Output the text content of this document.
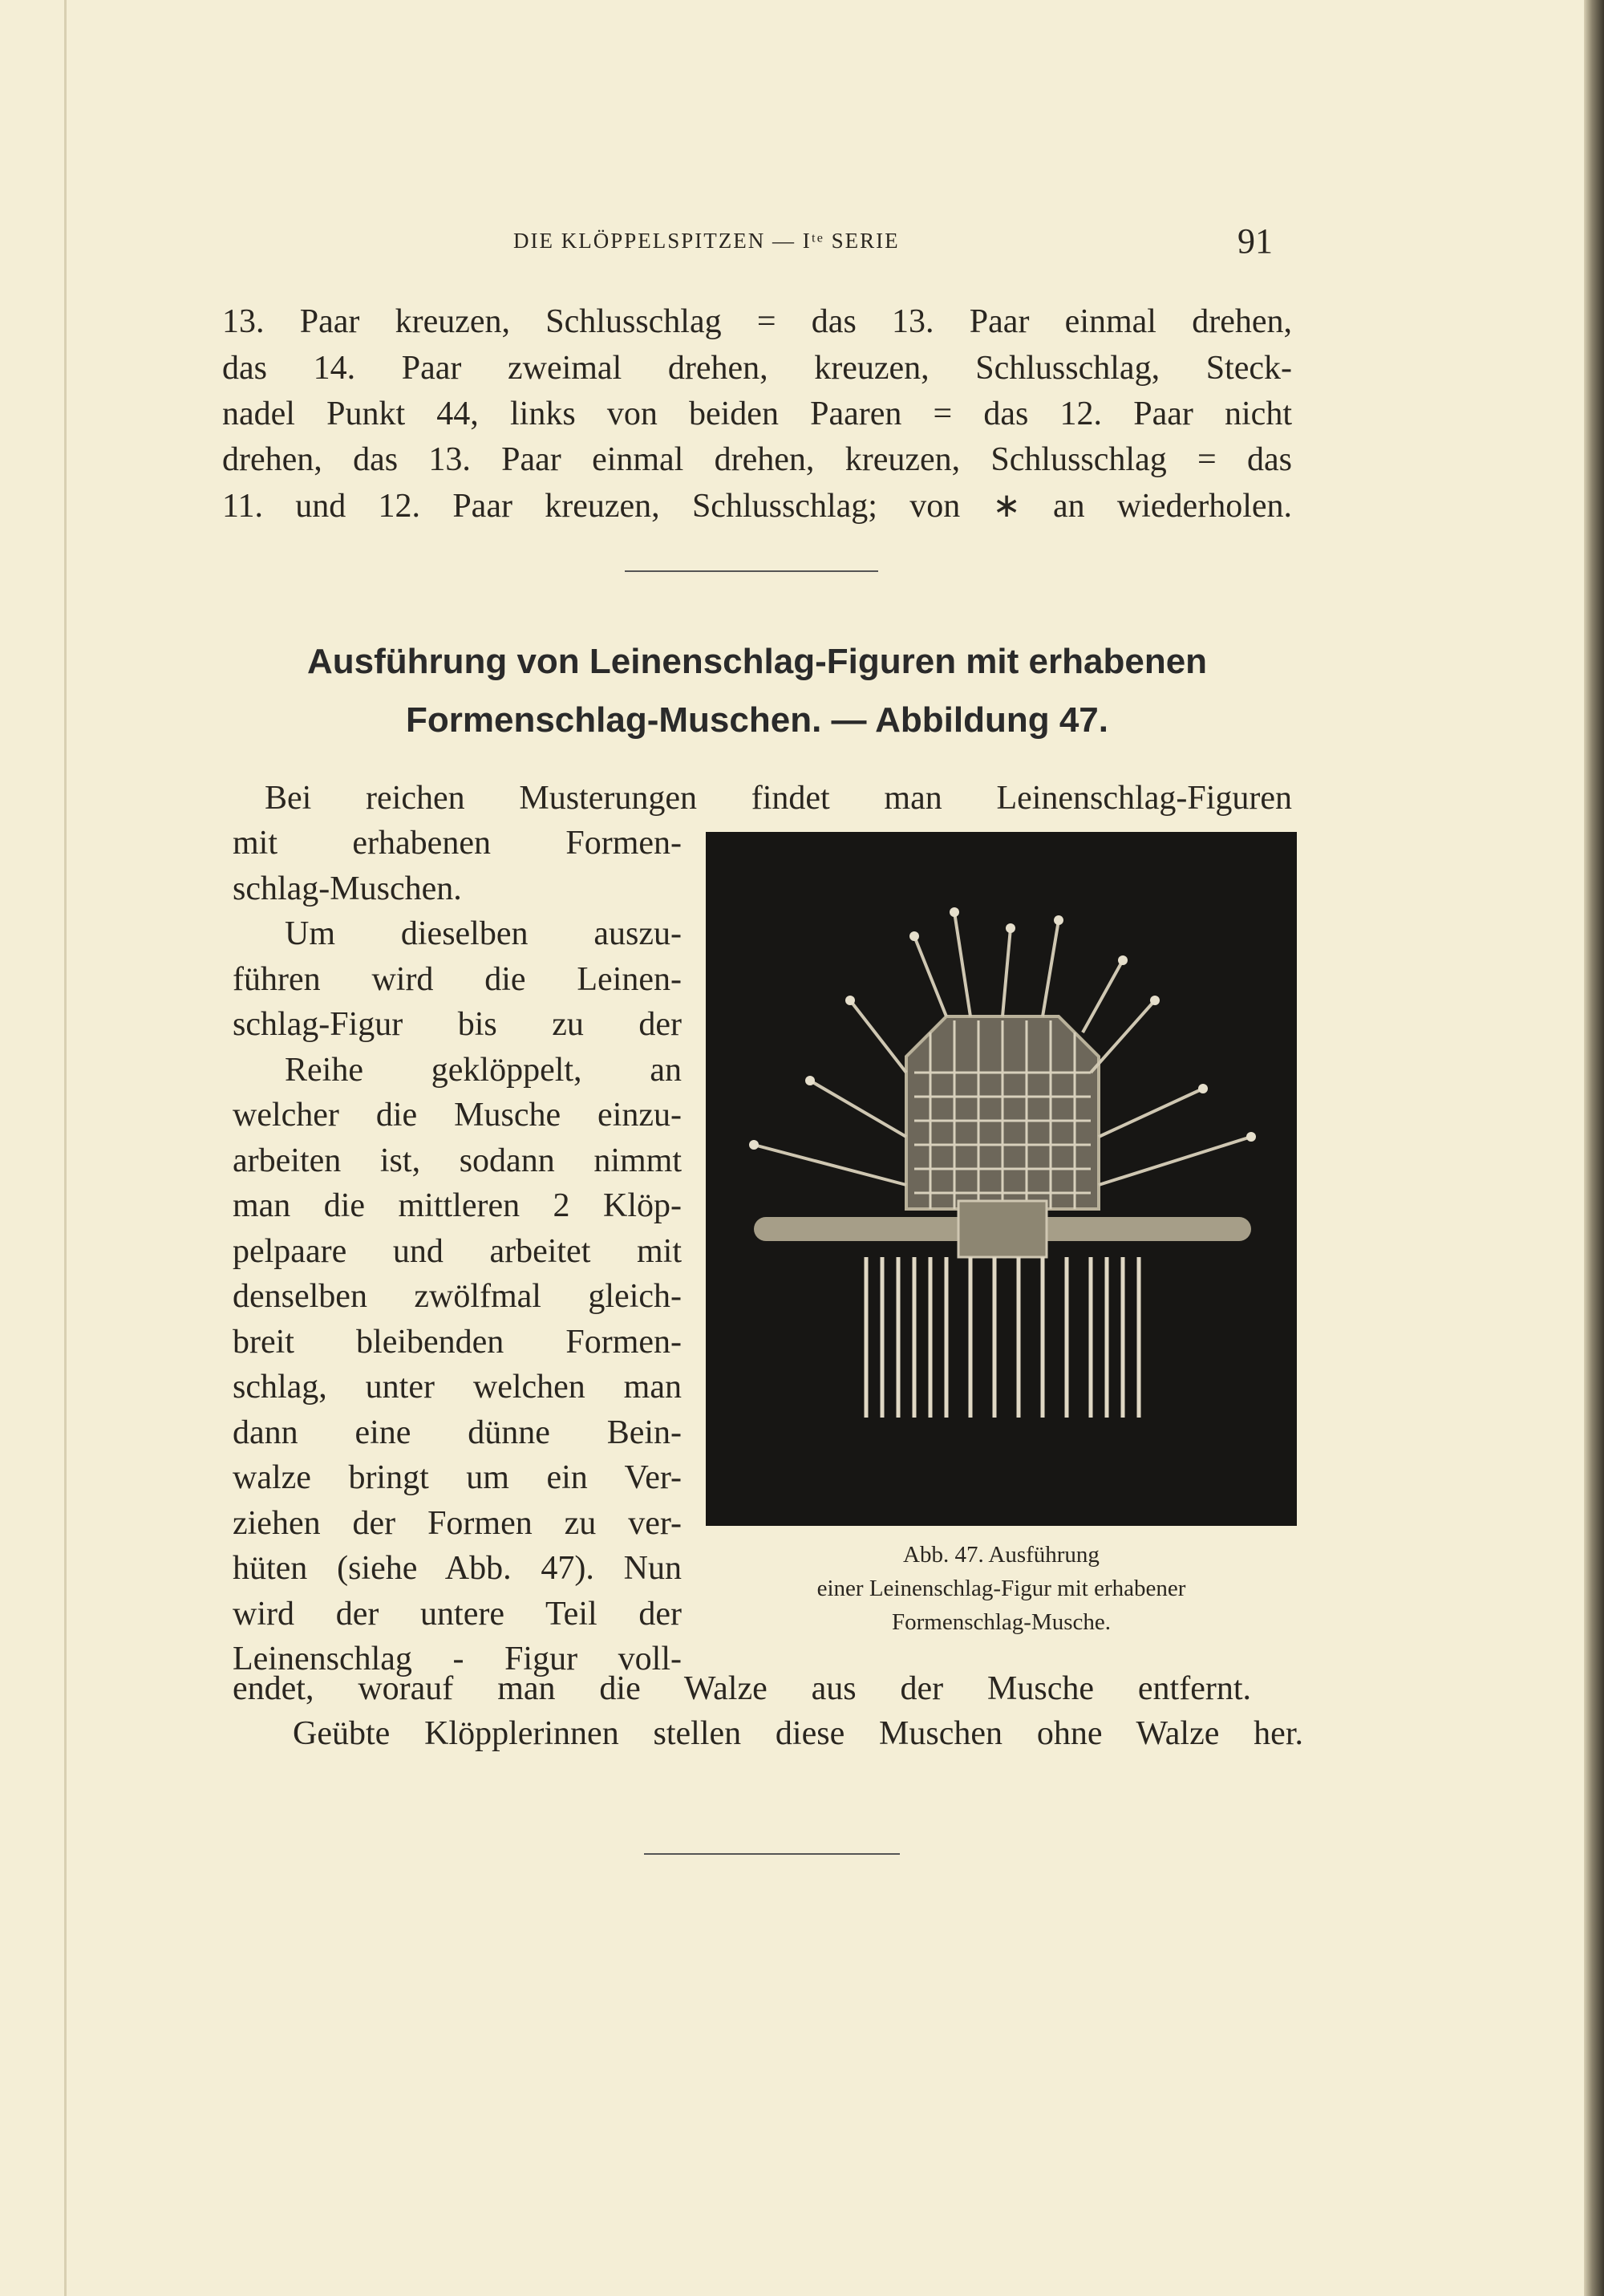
DIE KLÖPPELSPITZEN — Iᵗᵉ SERIE	91
13. Paar kreuzen, Schlusschlag = das 13. Paar einmal drehen,
das 14. Paar zweimal drehen, kreuzen, Schlusschlag, Steck-
nadel Punkt 44, links von beiden Paaren = das 12. Paar nicht
drehen, das 13. Paar einmal drehen, kreuzen, Schlusschlag = das
11. und 12. Paar kreuzen, Schlusschlag; von ∗ an wiederholen.
Ausführung von Leinenschlag-Figuren mit erhabenen
Formenschlag-Muschen. — Abbildung 47.
Bei reichen Musterungen findet man Leinenschlag-Figuren
mit erhabenen Formen-
schlag-Muschen.
Um dieselben auszu-
führen wird die Leinen-
schlag-Figur bis zu der
Reihe geklöppelt, an
welcher die Musche einzu-
arbeiten ist, sodann nimmt
man die mittleren 2 Klöp-
pelpaare und arbeitet mit
denselben zwölfmal gleich-
breit bleibenden Formen-
schlag, unter welchen man
dann eine dünne Bein-
walze bringt um ein Ver-
ziehen der Formen zu ver-
hüten (siehe Abb. 47). Nun
wird der untere Teil der
Leinenschlag - Figur voll-
Abb. 47. Ausführung
einer Leinenschlag-Figur mit erhabener
Formenschlag-Musche.
endet, worauf man die Walze aus der Musche entfernt.
Geübte Klöpplerinnen stellen diese Muschen ohne Walze her.
